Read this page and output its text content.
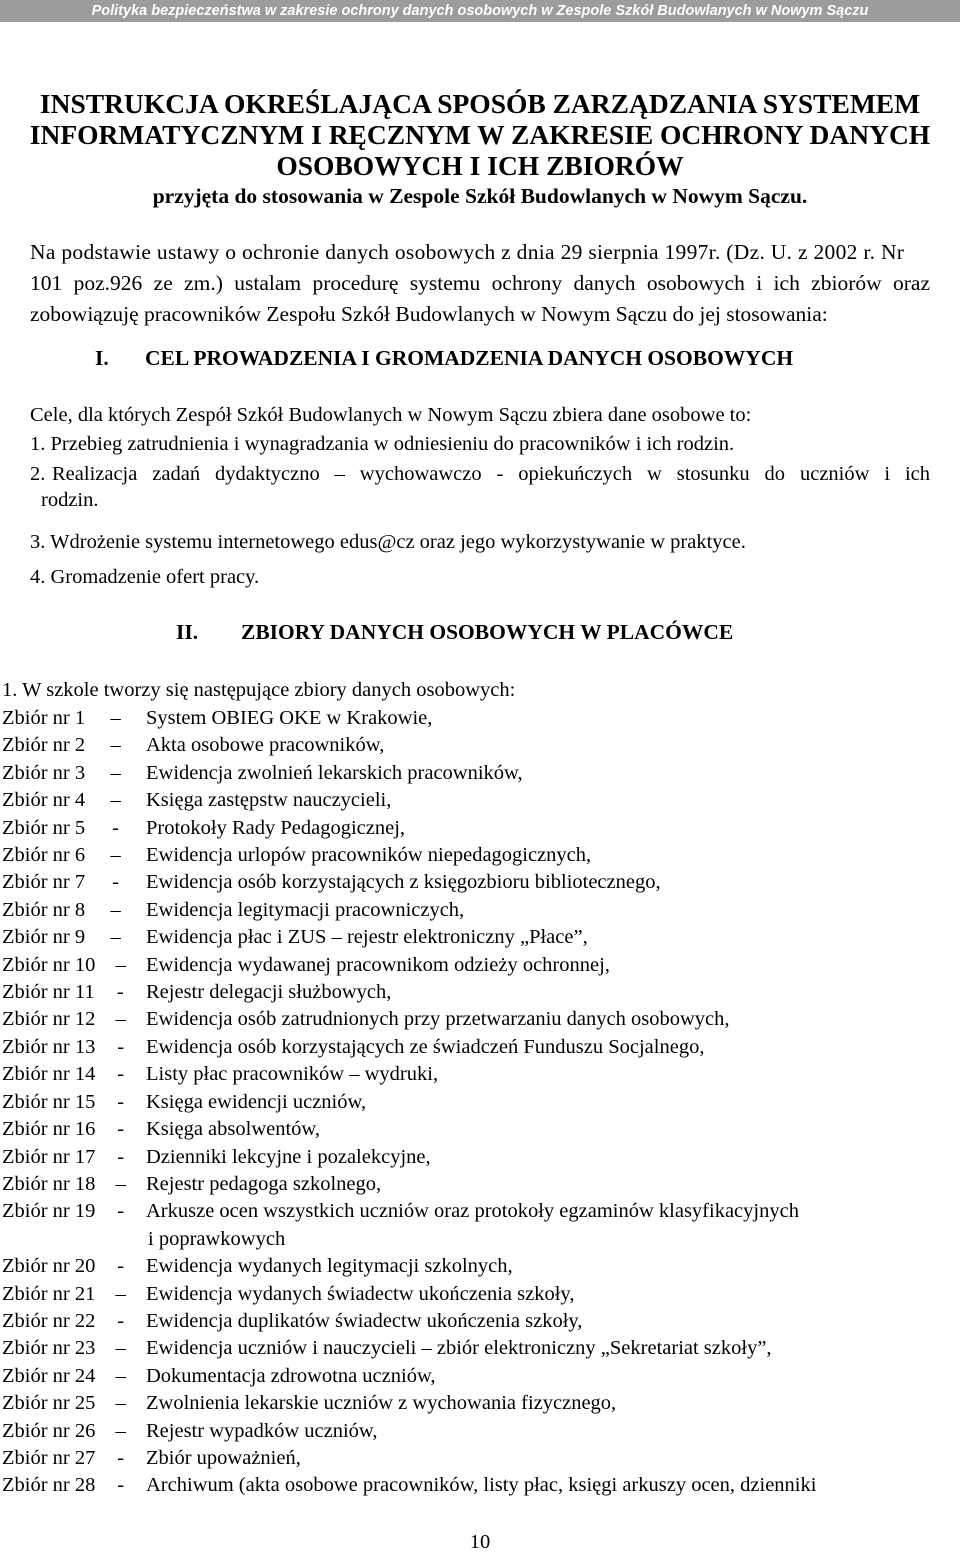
Polityka bezpieczeństwa w zakresie ochrony danych osobowych w Zespole Szkół Budowlanych w Nowym Sączu
INSTRUKCJA OKREŚLAJĄCA SPOSÓB ZARZĄDZANIA SYSTEMEM
INFORMATYCZNYM I RĘCZNYM W ZAKRESIE OCHRONY DANYCH
OSOBOWYCH I ICH ZBIORÓW
przyjęta do stosowania w Zespole Szkół Budowlanych w Nowym Sączu.
Na podstawie ustawy o ochronie danych osobowych z dnia 29 sierpnia 1997r. (Dz. U. z 2002 r. Nr
101 poz.926 ze zm.) ustalam procedurę systemu ochrony danych osobowych i ich zbiorów oraz
zobowiązuję pracowników Zespołu Szkół Budowlanych w Nowym Sączu do jej stosowania:
I. CEL PROWADZENIA I GROMADZENIA DANYCH OSOBOWYCH
Cele, dla których Zespół Szkół Budowlanych w Nowym Sączu zbiera dane osobowe to:
1. Przebieg zatrudnienia i wynagradzania w odniesieniu do pracowników i ich rodzin.
2. Realizacja zadań dydaktyczno – wychowawczo - opiekuńczych w stosunku do uczniów i ich
rodzin.
3. Wdrożenie systemu internetowego edus@cz oraz jego wykorzystywanie w praktyce.
4. Gromadzenie ofert pracy.
II. ZBIORY DANYCH OSOBOWYCH W PLACÓWCE
1. W szkole tworzy się następujące zbiory danych osobowych:
Zbiór nr 1	–	System OBIEG OKE w Krakowie,
Zbiór nr 2	–	Akta osobowe pracowników,
Zbiór nr 3	–	Ewidencja zwolnień lekarskich pracowników,
Zbiór nr 4	–	Księga zastępstw nauczycieli,
Zbiór nr 5	-	Protokoły Rady Pedagogicznej,
Zbiór nr 6	–	Ewidencja urlopów pracowników niepedagogicznych,
Zbiór nr 7	-	Ewidencja osób korzystających z księgozbioru bibliotecznego,
Zbiór nr 8	–	Ewidencja legitymacji pracowniczych,
Zbiór nr 9	–	Ewidencja płac i ZUS – rejestr elektroniczny „Płace”,
Zbiór nr 10 – Ewidencja wydawanej pracownikom odzieży ochronnej,
Zbiór nr 11	-	Rejestr delegacji służbowych,
Zbiór nr 12 – Ewidencja osób zatrudnionych przy przetwarzaniu danych osobowych,
Zbiór nr 13	-	Ewidencja osób korzystających ze świadczeń Funduszu Socjalnego,
Zbiór nr 14	-	Listy płac pracowników – wydruki,
Zbiór nr 15	-	Księga ewidencji uczniów,
Zbiór nr 16	-	Księga absolwentów,
Zbiór nr 17	-	Dzienniki lekcyjne i pozalekcyjne,
Zbiór nr 18 – Rejestr pedagoga szkolnego,
Zbiór nr 19	-	Arkusze ocen wszystkich uczniów oraz protokoły egzaminów klasyfikacyjnych
i poprawkowych
Zbiór nr 20	-	Ewidencja wydanych legitymacji szkolnych,
Zbiór nr 21 – Ewidencja wydanych świadectw ukończenia szkoły,
Zbiór nr 22	-	Ewidencja duplikatów świadectw ukończenia szkoły,
Zbiór nr 23 – Ewidencja uczniów i nauczycieli – zbiór elektroniczny „Sekretariat szkoły”,
Zbiór nr 24 – Dokumentacja zdrowotna uczniów,
Zbiór nr 25 – Zwolnienia lekarskie uczniów z wychowania fizycznego,
Zbiór nr 26 – Rejestr wypadków uczniów,
Zbiór nr 27	-	Zbiór upoważnień,
Zbiór nr 28	-	Archiwum (akta osobowe pracowników, listy płac, księgi arkuszy ocen, dzienniki
10
